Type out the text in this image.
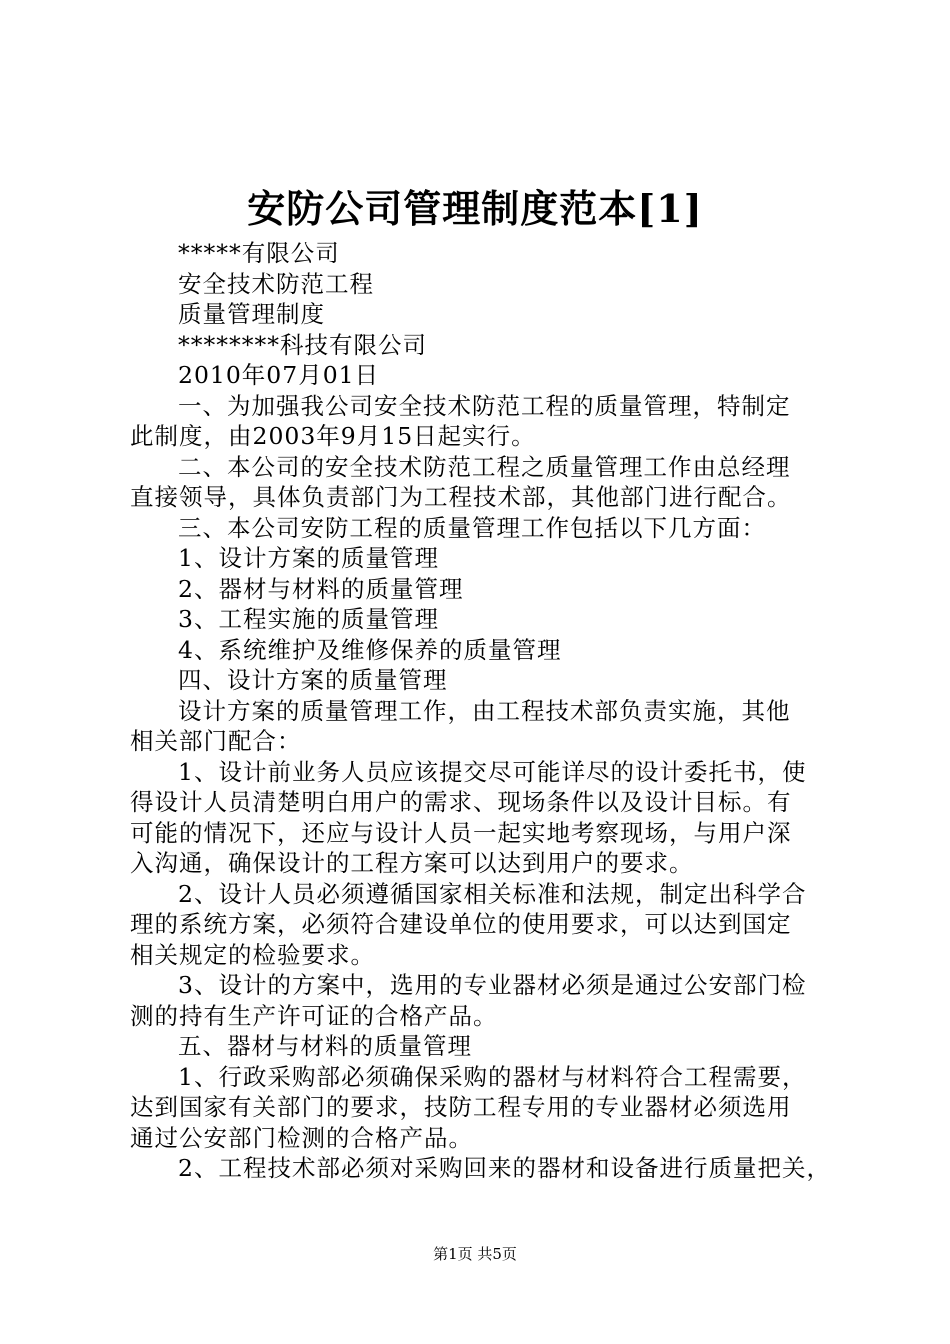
安防公司管理制度范本[1]
*****有限公司
安全技术防范工程
质量管理制度
********科技有限公司
2010年07月01日
一、为加强我公司安全技术防范工程的质量管理，特制定
此制度，由2003年9月15日起实行。
二、本公司的安全技术防范工程之质量管理工作由总经理
直接领导，具体负责部门为工程技术部，其他部门进行配合。
三、本公司安防工程的质量管理工作包括以下几方面：
1、设计方案的质量管理
2、器材与材料的质量管理
3、工程实施的质量管理
4、系统维护及维修保养的质量管理
四、设计方案的质量管理
设计方案的质量管理工作，由工程技术部负责实施，其他
相关部门配合：
1、设计前业务人员应该提交尽可能详尽的设计委托书，使
得设计人员清楚明白用户的需求、现场条件以及设计目标。有
可能的情况下，还应与设计人员一起实地考察现场，与用户深
入沟通，确保设计的工程方案可以达到用户的要求。
2、设计人员必须遵循国家相关标准和法规，制定出科学合
理的系统方案，必须符合建设单位的使用要求，可以达到国定
相关规定的检验要求。
3、设计的方案中，选用的专业器材必须是通过公安部门检
测的持有生产许可证的合格产品。
五、器材与材料的质量管理
1、行政采购部必须确保采购的器材与材料符合工程需要，
达到国家有关部门的要求，技防工程专用的专业器材必须选用
通过公安部门检测的合格产品。
2、工程技术部必须对采购回来的器材和设备进行质量把关，
第1页 共5页
